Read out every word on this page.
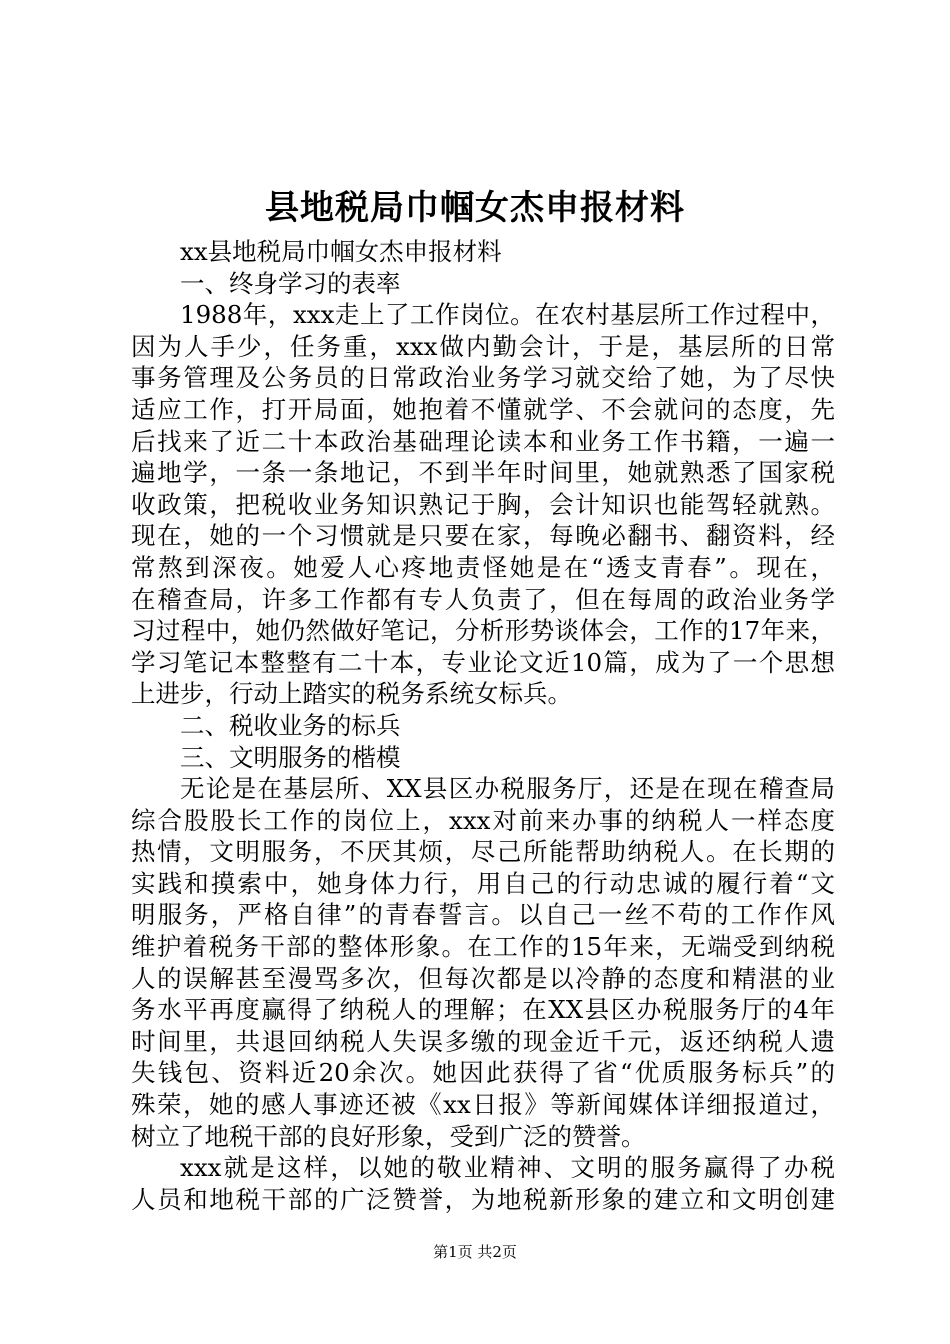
县地税局巾帼女杰申报材料
xx县地税局巾帼女杰申报材料
一、终身学习的表率
1988年，xxx走上了工作岗位。在农村基层所工作过程中，
因为人手少，任务重，xxx做内勤会计，于是，基层所的日常
事务管理及公务员的日常政治业务学习就交给了她，为了尽快
适应工作，打开局面，她抱着不懂就学、不会就问的态度，先
后找来了近二十本政治基础理论读本和业务工作书籍，一遍一
遍地学，一条一条地记，不到半年时间里，她就熟悉了国家税
收政策，把税收业务知识熟记于胸，会计知识也能驾轻就熟。
现在，她的一个习惯就是只要在家，每晚必翻书、翻资料，经
常熬到深夜。她爱人心疼地责怪她是在“透支青春”。现在，
在稽查局，许多工作都有专人负责了，但在每周的政治业务学
习过程中，她仍然做好笔记，分析形势谈体会，工作的17年来，
学习笔记本整整有二十本，专业论文近10篇，成为了一个思想
上进步，行动上踏实的税务系统女标兵。
二、税收业务的标兵
三、文明服务的楷模
无论是在基层所、XX县区办税服务厅，还是在现在稽查局
综合股股长工作的岗位上，xxx对前来办事的纳税人一样态度
热情，文明服务，不厌其烦，尽己所能帮助纳税人。在长期的
实践和摸索中，她身体力行，用自己的行动忠诚的履行着“文
明服务，严格自律”的青春誓言。以自己一丝不苟的工作作风
维护着税务干部的整体形象。在工作的15年来，无端受到纳税
人的误解甚至漫骂多次，但每次都是以冷静的态度和精湛的业
务水平再度赢得了纳税人的理解；在XX县区办税服务厅的4年
时间里，共退回纳税人失误多缴的现金近千元，返还纳税人遗
失钱包、资料近20余次。她因此获得了省“优质服务标兵”的
殊荣，她的感人事迹还被《xx日报》等新闻媒体详细报道过，
树立了地税干部的良好形象，受到广泛的赞誉。
xxx就是这样，以她的敬业精神、文明的服务赢得了办税
人员和地税干部的广泛赞誉，为地税新形象的建立和文明创建
第1页 共2页
